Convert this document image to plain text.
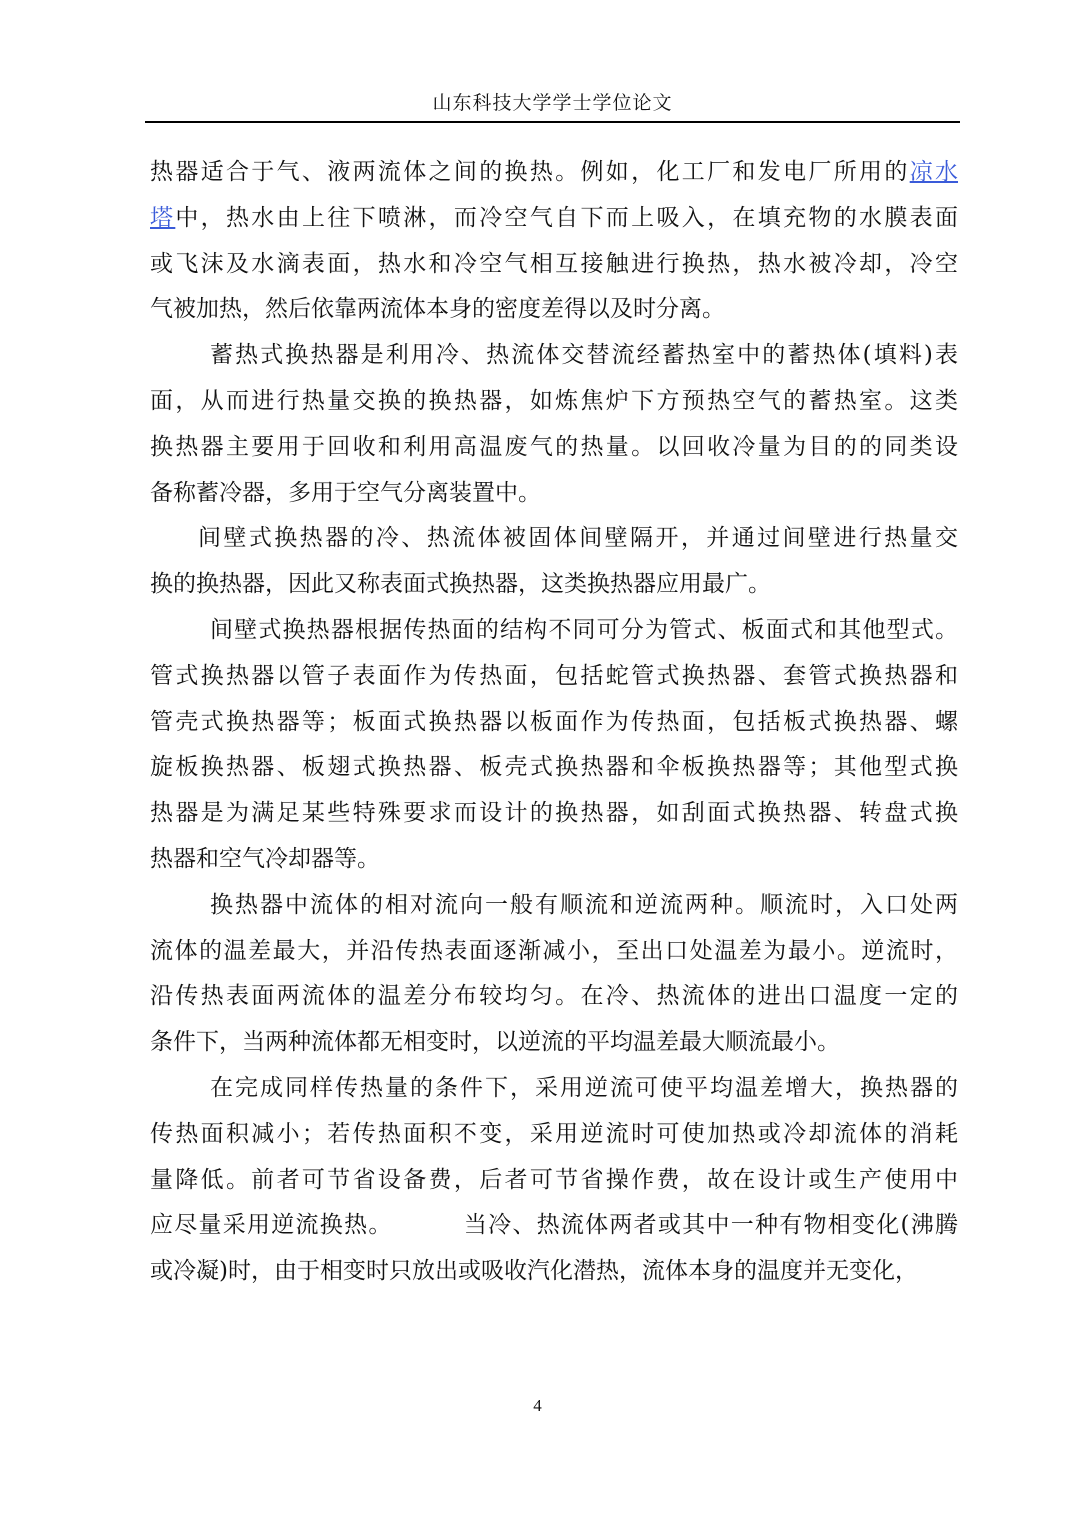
山东科技大学学士学位论文
热器适合于气、液两流体之间的换热。例如，化工厂和发电厂所用的凉水
塔中，热水由上往下喷淋，而冷空气自下而上吸入，在填充物的水膜表面
或飞沫及水滴表面，热水和冷空气相互接触进行换热，热水被冷却，冷空
气被加热，然后依靠两流体本身的密度差得以及时分离。
蓄热式换热器是利用冷、热流体交替流经蓄热室中的蓄热体(填料)表
面，从而进行热量交换的换热器，如炼焦炉下方预热空气的蓄热室。这类
换热器主要用于回收和利用高温废气的热量。以回收冷量为目的的同类设
备称蓄冷器，多用于空气分离装置中。
间壁式换热器的冷、热流体被固体间壁隔开，并通过间壁进行热量交
换的换热器，因此又称表面式换热器，这类换热器应用最广。
间壁式换热器根据传热面的结构不同可分为管式、板面式和其他型式。
管式换热器以管子表面作为传热面，包括蛇管式换热器、套管式换热器和
管壳式换热器等；板面式换热器以板面作为传热面，包括板式换热器、螺
旋板换热器、板翅式换热器、板壳式换热器和伞板换热器等；其他型式换
热器是为满足某些特殊要求而设计的换热器，如刮面式换热器、转盘式换
热器和空气冷却器等。
换热器中流体的相对流向一般有顺流和逆流两种。顺流时，入口处两
流体的温差最大，并沿传热表面逐渐减小，至出口处温差为最小。逆流时，
沿传热表面两流体的温差分布较均匀。在冷、热流体的进出口温度一定的
条件下，当两种流体都无相变时，以逆流的平均温差最大顺流最小。
在完成同样传热量的条件下，采用逆流可使平均温差增大，换热器的
传热面积减小；若传热面积不变，采用逆流时可使加热或冷却流体的消耗
量降低。前者可节省设备费，后者可节省操作费，故在设计或生产使用中
应尽量采用逆流换热。	当冷、热流体两者或其中一种有物相变化(沸腾
或冷凝)时，由于相变时只放出或吸收汽化潜热，流体本身的温度并无变化，
4
